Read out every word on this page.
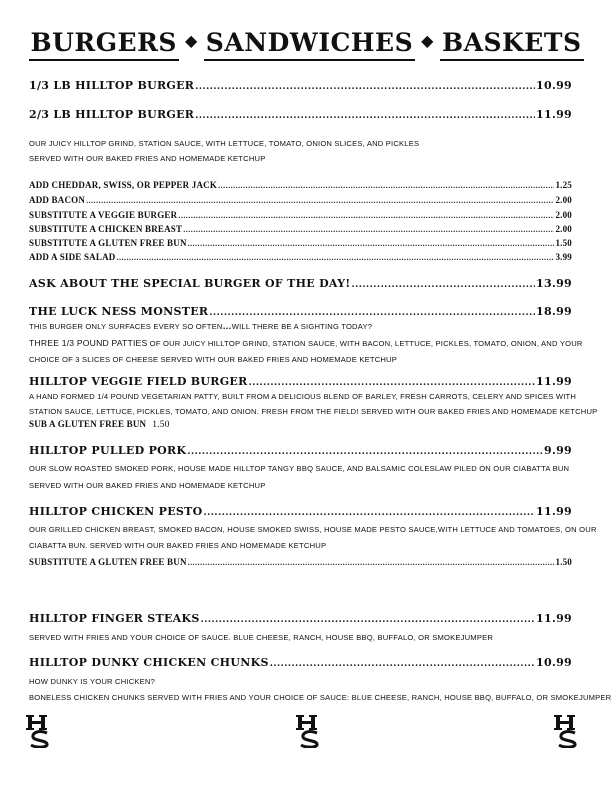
BURGERS ◆ SANDWICHES ◆ BASKETS
1/3 LB HILLTOP BURGER .....	10.99
2/3 LB HILLTOP BURGER .....	11.99
OUR JUICY HILLTOP GRIND, STATION SAUCE, WITH LETTUCE, TOMATO, ONION SLICES, AND PICKLES
SERVED WITH OUR BAKED FRIES AND HOMEMADE KETCHUP
ADD CHEDDAR, SWISS, OR PEPPER JACK .....	1.25
ADD BACON .....	2.00
SUBSTITUTE A VEGGIE BURGER .....	2.00
SUBSTITUTE A CHICKEN BREAST .....	2.00
SUBSTITUTE A GLUTEN FREE BUN .....	1.50
ADD A SIDE SALAD .....	3.99
ASK ABOUT THE SPECIAL BURGER OF THE DAY! .....	13.99
THE LUCK NESS MONSTER .....	18.99
THIS BURGER ONLY SURFACES EVERY SO OFTEN…WILL THERE BE A SIGHTING TODAY?
THREE 1/3 POUND PATTIES OF OUR JUICY HILLTOP GRIND, STATION SAUCE, WITH BACON, LETTUCE, PICKLES, TOMATO, ONION, AND YOUR
CHOICE OF 3 SLICES OF CHEESE SERVED WITH OUR BAKED FRIES AND HOMEMADE KETCHUP
HILLTOP VEGGIE FIELD BURGER .....	11.99
A HAND FORMED 1/4 POUND VEGETARIAN PATTY, BUILT FROM A DELICIOUS BLEND OF BARLEY, FRESH CARROTS, CELERY AND SPICES WITH
STATION SAUCE, LETTUCE, PICKLES, TOMATO, AND ONION. FRESH FROM THE FIELD! SERVED WITH OUR BAKED FRIES AND HOMEMADE KETCHUP
SUB A GLUTEN FREE BUN 1.50
HILLTOP PULLED PORK .....	9.99
OUR SLOW ROASTED SMOKED PORK, HOUSE MADE HILLTOP TANGY BBQ SAUCE, AND BALSAMIC COLESLAW PILED ON OUR CIABATTA BUN
SERVED WITH OUR BAKED FRIES AND HOMEMADE KETCHUP
HILLTOP CHICKEN PESTO .....	11.99
OUR GRILLED CHICKEN BREAST, SMOKED BACON, HOUSE SMOKED SWISS, HOUSE MADE PESTO SAUCE,WITH LETTUCE AND TOMATOES, ON OUR
CIABATTA BUN. SERVED WITH OUR BAKED FRIES AND HOMEMADE KETCHUP
SUBSTITUTE A GLUTEN FREE BUN .....	1.50
HILLTOP FINGER STEAKS .....	11.99
SERVED WITH FRIES AND YOUR CHOICE OF SAUCE. BLUE CHEESE, RANCH, HOUSE BBQ, BUFFALO, OR SMOKEJUMPER
HILLTOP DUNKY CHICKEN CHUNKS .....	10.99
HOW DUNKY IS YOUR CHICKEN?
BONELESS CHICKEN CHUNKS SERVED WITH FRIES AND YOUR CHOICE OF SAUCE: BLUE CHEESE, RANCH, HOUSE BBQ, BUFFALO, OR SMOKEJUMPER
